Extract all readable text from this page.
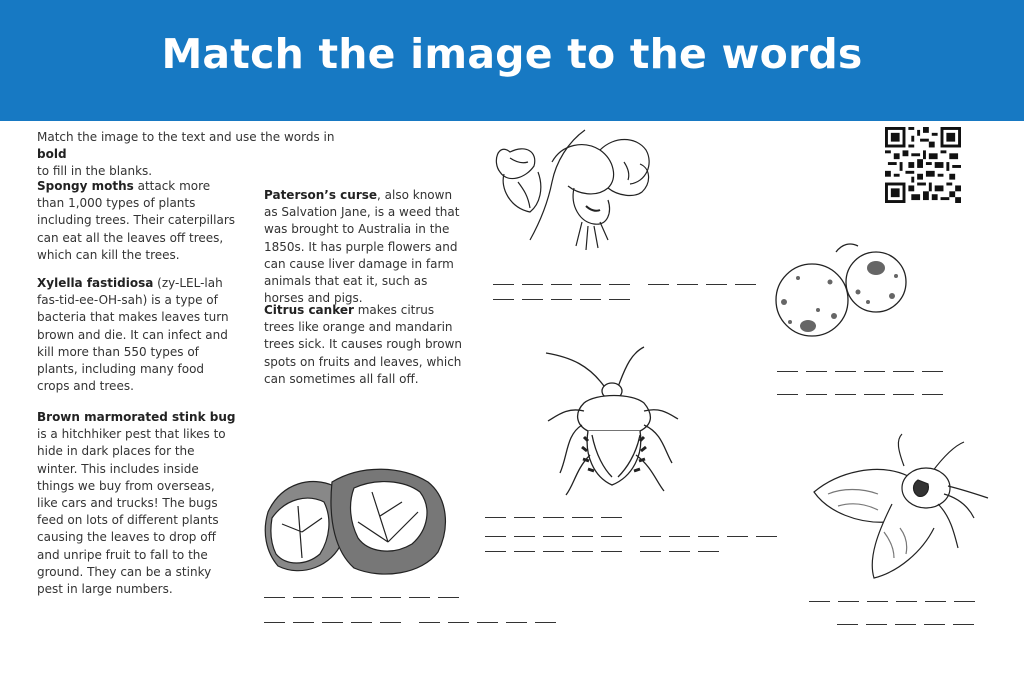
Match the image to the words
Match the image to the text and use the words in bold
to fill in the blanks.
Spongy moths attack more than 1,000 types of plants including trees. Their caterpillars can eat all the leaves off trees, which can kill the trees.
Xylella fastidiosa (zy-LEL-lah fas-tid-ee-OH-sah) is a type of bacteria that makes leaves turn brown and die. It can infect and kill more than 550 types of plants, including many food crops and trees.
Brown marmorated stink bug is a hitchhiker pest that likes to hide in dark places for the winter. This includes inside things we buy from overseas, like cars and trucks! The bugs feed on lots of different plants causing the leaves to drop off and unripe fruit to fall to the ground. They can be a stinky pest in large numbers.
Paterson’s curse, also known as Salvation Jane, is a weed that was brought to Australia in the 1850s. It has purple flowers and can cause liver damage in farm animals that eat it, such as horses and pigs.
Citrus canker makes citrus trees like orange and mandarin trees sick. It causes rough brown spots on fruits and leaves, which can sometimes all fall off.
